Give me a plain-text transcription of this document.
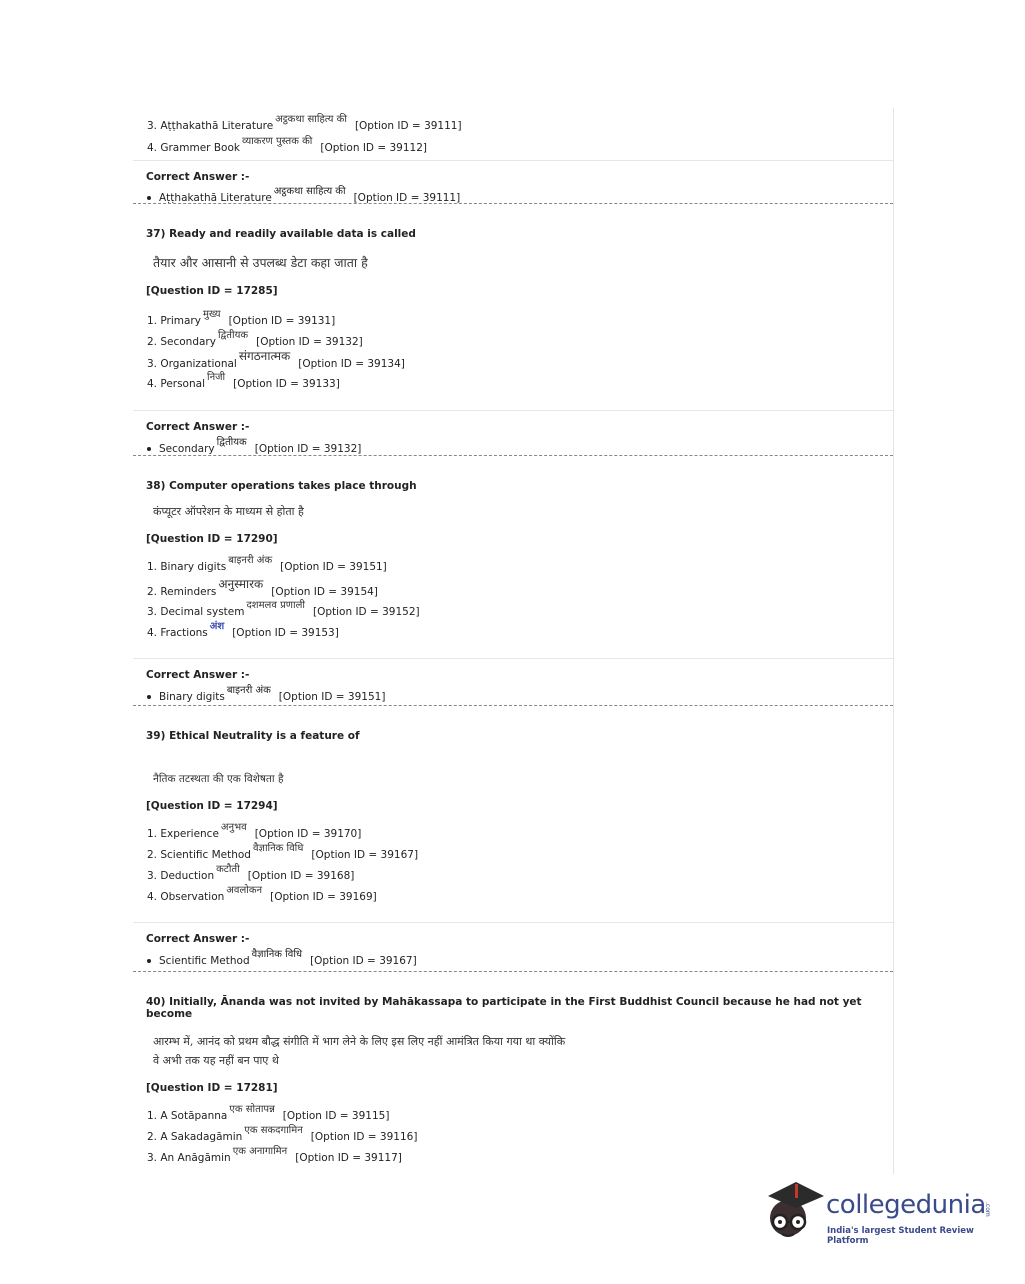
3. Aṭṭhakathā Literatureअट्ठकथा साहित्य की[Option ID = 39111]
4. Grammer Bookव्याकरण पुस्तक की[Option ID = 39112]
Correct Answer :-
Aṭṭhakathā Literatureअट्ठकथा साहित्य की[Option ID = 39111]
37) Ready and readily available data is called
तैयार और आसानी से उपलब्ध डेटा कहा जाता है
[Question ID = 17285]
1. Primaryमुख्य[Option ID = 39131]
2. Secondaryद्वितीयक[Option ID = 39132]
3. Organizationalसंगठनात्मक[Option ID = 39134]
4. Personalनिजी[Option ID = 39133]
Correct Answer :-
Secondaryद्वितीयक[Option ID = 39132]
38) Computer operations takes place through
कंप्यूटर ऑपरेशन के माध्यम से होता है
[Question ID = 17290]
1. Binary digitsबाइनरी अंक[Option ID = 39151]
2. Remindersअनुस्मारक[Option ID = 39154]
3. Decimal systemदशमलव प्रणाली[Option ID = 39152]
4. Fractionsअंश[Option ID = 39153]
Correct Answer :-
Binary digitsबाइनरी अंक[Option ID = 39151]
39) Ethical Neutrality is a feature of
नैतिक तटस्थता की एक विशेषता है
[Question ID = 17294]
1. Experienceअनुभव[Option ID = 39170]
2. Scientific Methodवैज्ञानिक विधि[Option ID = 39167]
3. Deductionकटौती[Option ID = 39168]
4. Observationअवलोकन[Option ID = 39169]
Correct Answer :-
Scientific Methodवैज्ञानिक विधि[Option ID = 39167]
40) Initially, Ānanda was not invited by Mahākassapa to participate in the First Buddhist Council because he had not yet become
आरम्भ में, आनंद को प्रथम बौद्ध संगीति में भाग लेने के लिए इस लिए नहीं आमंत्रित किया गया था क्योंकि
वे अभी तक यह नहीं बन पाए थे
[Question ID = 17281]
1. A Sotāpannaएक सोतापन्न[Option ID = 39115]
2. A Sakadagāminएक सकदगामिन[Option ID = 39116]
3. An Anāgāminएक अनागामिन[Option ID = 39117]
collegedunia
.com
India's largest Student Review Platform
